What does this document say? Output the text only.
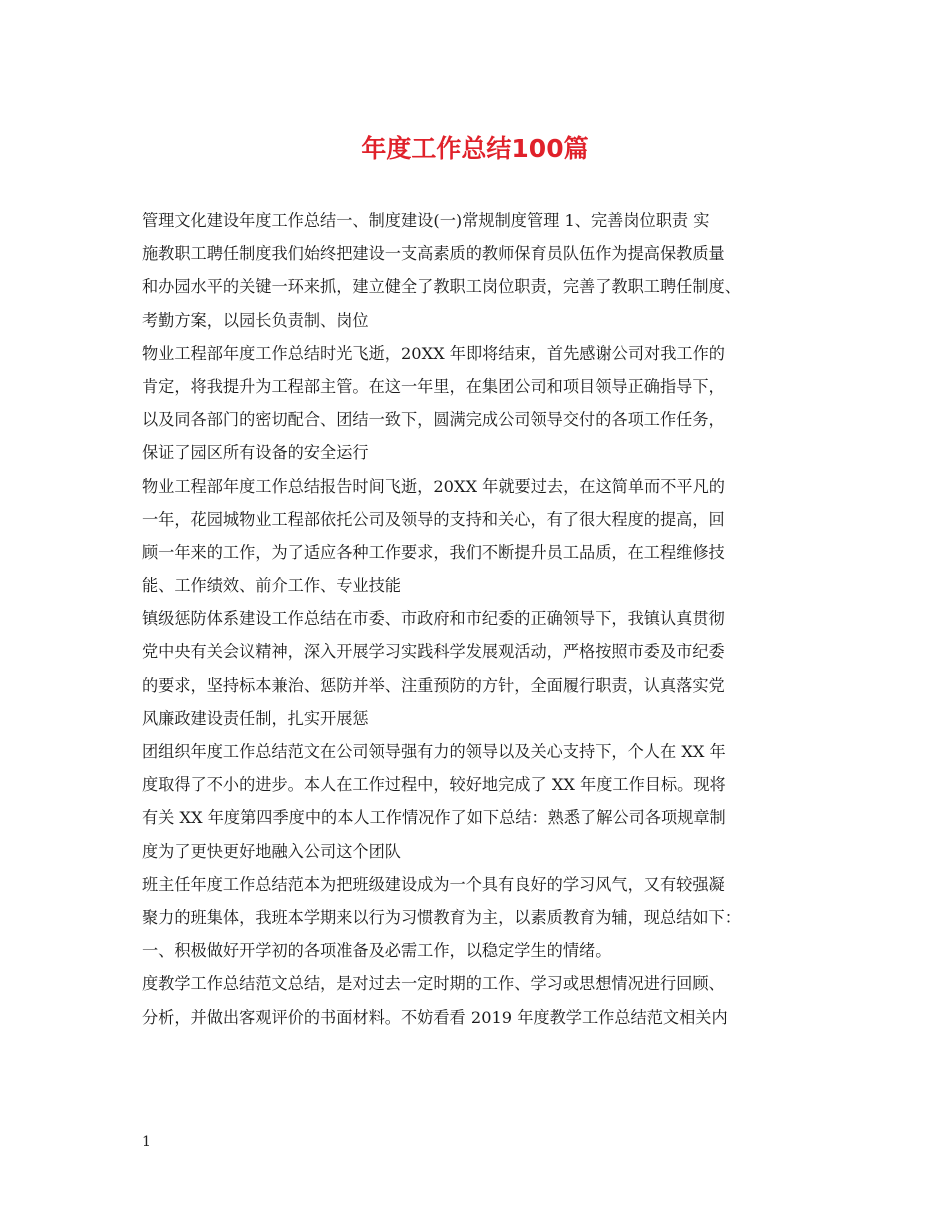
年度工作总结100篇
管理文化建设年度工作总结一、制度建设(一)常规制度管理 1、完善岗位职责 实
施教职工聘任制度我们始终把建设一支高素质的教师保育员队伍作为提高保教质量
和办园水平的关键一环来抓，建立健全了教职工岗位职责，完善了教职工聘任制度、
考勤方案，以园长负责制、岗位
物业工程部年度工作总结时光飞逝，20XX 年即将结束，首先感谢公司对我工作的
肯定，将我提升为工程部主管。在这一年里，在集团公司和项目领导正确指导下，
以及同各部门的密切配合、团结一致下，圆满完成公司领导交付的各项工作任务，
保证了园区所有设备的安全运行
物业工程部年度工作总结报告时间飞逝，20XX 年就要过去，在这简单而不平凡的
一年，花园城物业工程部依托公司及领导的支持和关心，有了很大程度的提高，回
顾一年来的工作，为了适应各种工作要求，我们不断提升员工品质，在工程维修技
能、工作绩效、前介工作、专业技能
镇级惩防体系建设工作总结在市委、市政府和市纪委的正确领导下，我镇认真贯彻
党中央有关会议精神，深入开展学习实践科学发展观活动，严格按照市委及市纪委
的要求，坚持标本兼治、惩防并举、注重预防的方针，全面履行职责，认真落实党
风廉政建设责任制，扎实开展惩
团组织年度工作总结范文在公司领导强有力的领导以及关心支持下，个人在 XX 年
度取得了不小的进步。本人在工作过程中，较好地完成了 XX 年度工作目标。现将
有关 XX 年度第四季度中的本人工作情况作了如下总结：熟悉了解公司各项规章制
度为了更快更好地融入公司这个团队
班主任年度工作总结范本为把班级建设成为一个具有良好的学习风气，又有较强凝
聚力的班集体，我班本学期来以行为习惯教育为主，以素质教育为辅，现总结如下：
一、积极做好开学初的各项准备及必需工作，以稳定学生的情绪。
度教学工作总结范文总结，是对过去一定时期的工作、学习或思想情况进行回顾、
分析，并做出客观评价的书面材料。不妨看看 2019 年度教学工作总结范文相关内
1
